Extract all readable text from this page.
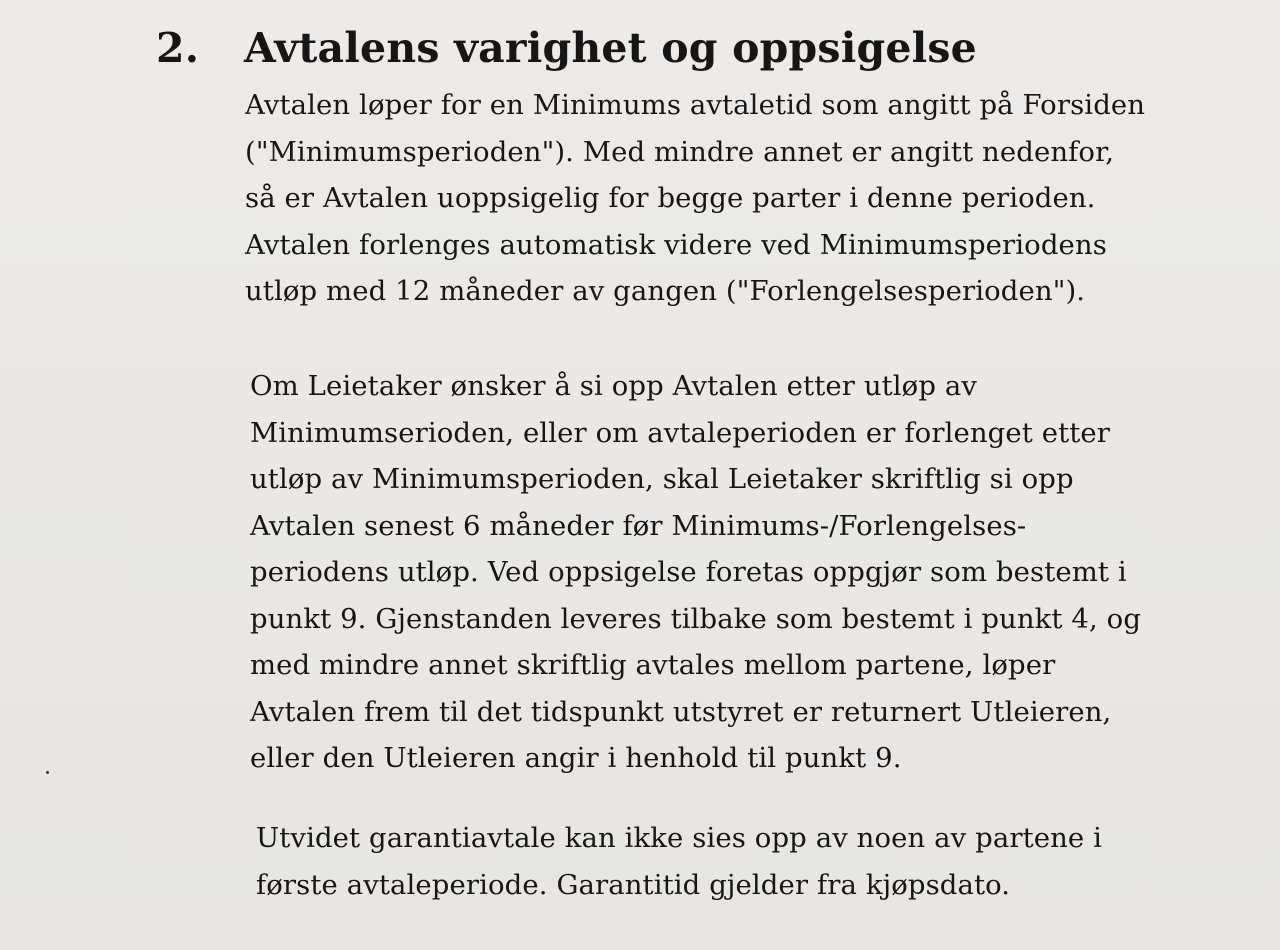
2.	Avtalens varighet og oppsigelse
Avtalen løper for en Minimums avtaletid som angitt på Forsiden
("Minimumsperioden"). Med mindre annet er angitt nedenfor,
så er Avtalen uoppsigelig for begge parter i denne perioden.
Avtalen forlenges automatisk videre ved Minimumsperiodens
utløp med 12 måneder av gangen ("Forlengelsesperioden").
Om Leietaker ønsker å si opp Avtalen etter utløp av
Minimumserioden, eller om avtaleperioden er forlenget etter
utløp av Minimumsperioden, skal Leietaker skriftlig si opp
Avtalen senest 6 måneder før Minimums-/Forlengelses-
periodens utløp. Ved oppsigelse foretas oppgjør som bestemt i
punkt 9. Gjenstanden leveres tilbake som bestemt i punkt 4, og
med mindre annet skriftlig avtales mellom partene, løper
Avtalen frem til det tidspunkt utstyret er returnert Utleieren,
eller den Utleieren angir i henhold til punkt 9.
Utvidet garantiavtale kan ikke sies opp av noen av partene i
første avtaleperiode. Garantitid gjelder fra kjøpsdato.
